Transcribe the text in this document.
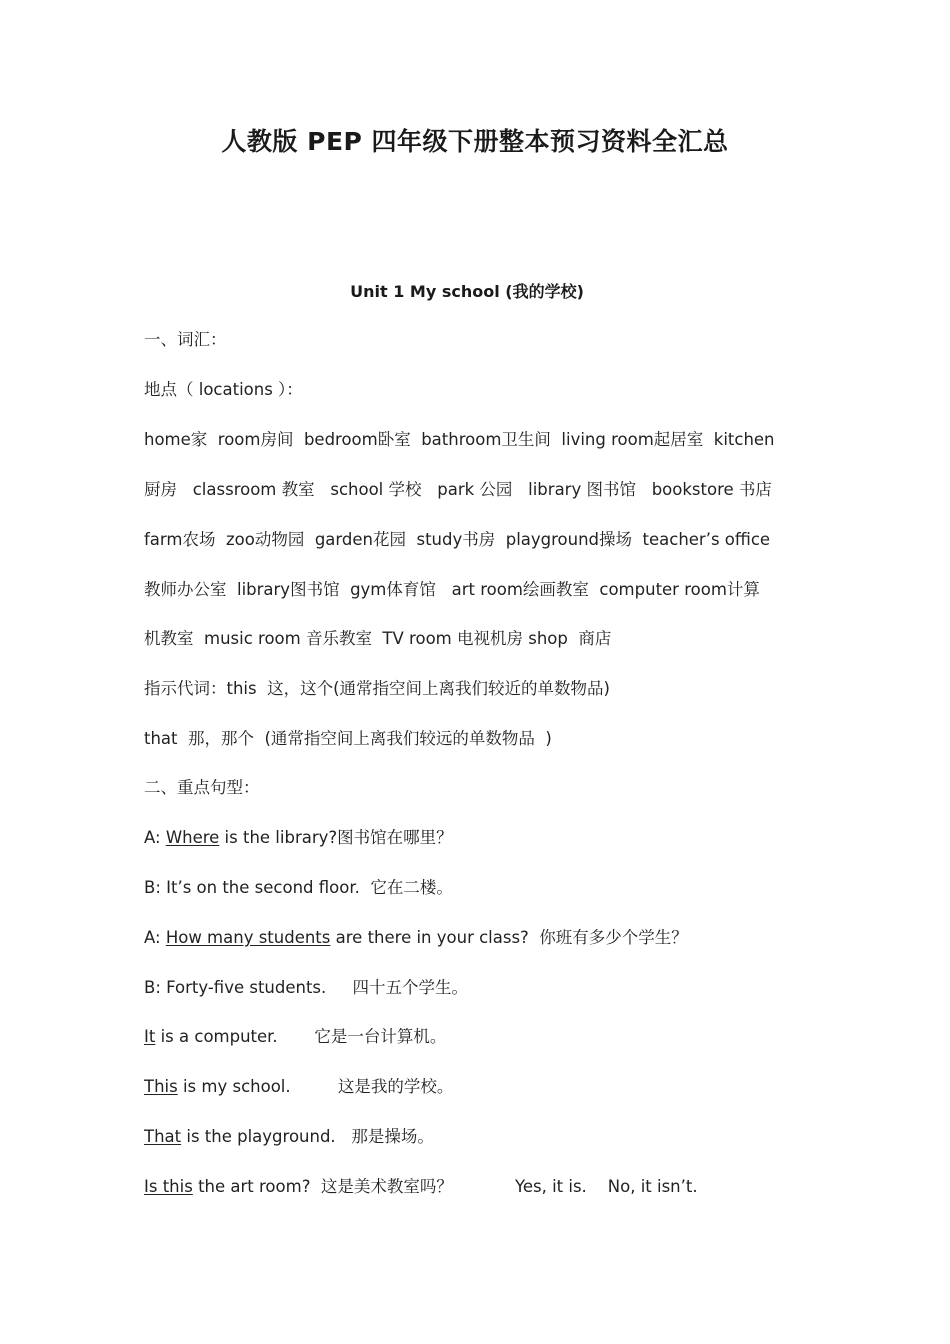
人教版 PEP 四年级下册整本预习资料全汇总
Unit 1 My school (我的学校)
一、词汇：
地点（ locations ）：
home家  room房间  bedroom卧室  bathroom卫生间  living room起居室  kitchen
厨房   classroom 教室   school 学校   park 公园   library 图书馆   bookstore 书店
farm农场  zoo动物园  garden花园  study书房  playground操场  teacher’s office
教师办公室  library图书馆  gym体育馆   art room绘画教室  computer room计算
机教室  music room 音乐教室  TV room 电视机房 shop  商店
指示代词：this  这，这个(通常指空间上离我们较近的单数物品)
that  那，那个  (通常指空间上离我们较远的单数物品  )
二、重点句型：
A: Where is the library?图书馆在哪里？
B: It’s on the second floor.  它在二楼。
A: How many students are there in your class?  你班有多少个学生？
B: Forty-five students.     四十五个学生。
It is a computer.       它是一台计算机。
This is my school.         这是我的学校。
That is the playground.   那是操场。
Is this the art room?  这是美术教室吗？	Yes, it is.    No, it isn’t.
